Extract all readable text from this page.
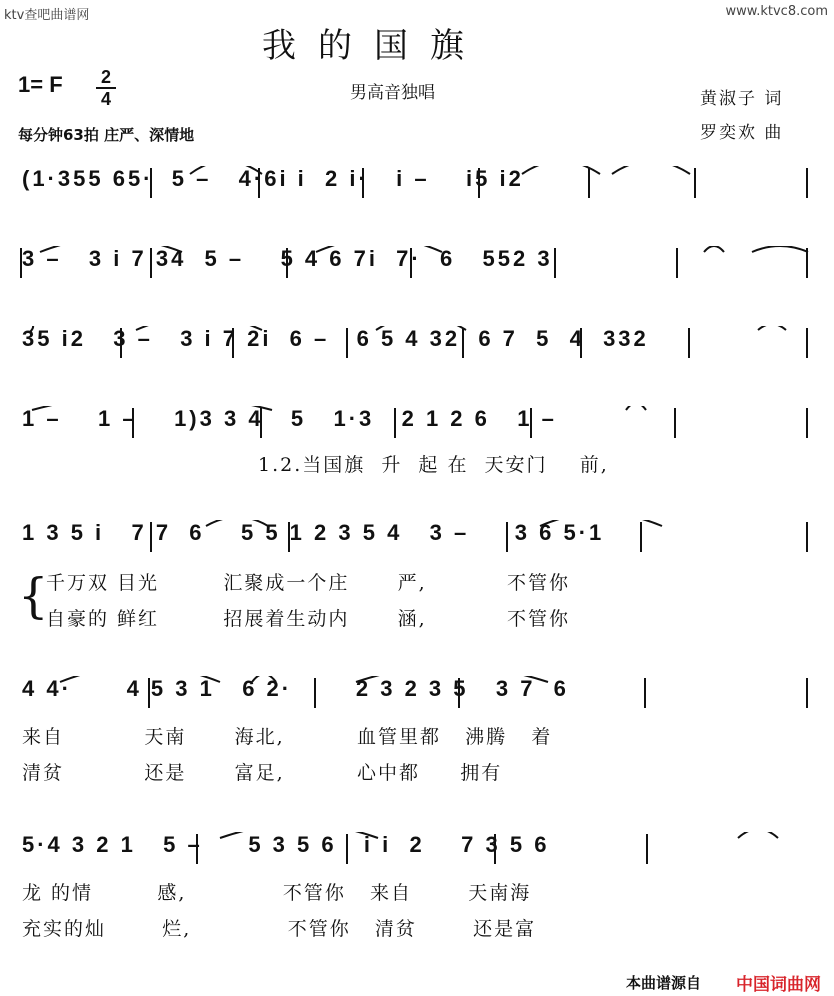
ktv查吧曲谱网	www.ktvc8.com
我的国旗
1= F 2
4	男高音独唱	黄淑子 词
罗奕欢 曲
每分钟63拍 庄严、深情地
(1·355 65·  5 –   4·6i i  2 i·   i –    i5 i2
3 –   3 i 7 34  5 –    5 4 6 7i  7·  6   552 3
35 i2   3 –   3 i 7 2i  6 –   6 5 4 32  6 7  5  4  332
1 –    1 –    1)3 3 4   5   1·3   2 1 2 6   1 –
1.2.当国旗  升  起 在  天安门    前,
1 3 5 i   7 7  6    5 5 1 2 3 5 4   3 –     3 6 5·1
{
千万双 目光        汇聚成一个庄      严,          不管你
自豪的 鲜红        招展着生动内      涵,          不管你
4 4·      4 5 3 1   6 2·       2 3 2 3 5   3 7  6
来自          天南      海北,         血管里都   沸腾   着
清贫          还是      富足,         心中都     拥有
5·4 3 2 1   5 –     5 3 5 6   i i  2    7 3 5 6
龙 的情        感,            不管你   来自       天南海
充实的灿       烂,            不管你   清贫       还是富
本曲谱源自 中国词曲网
